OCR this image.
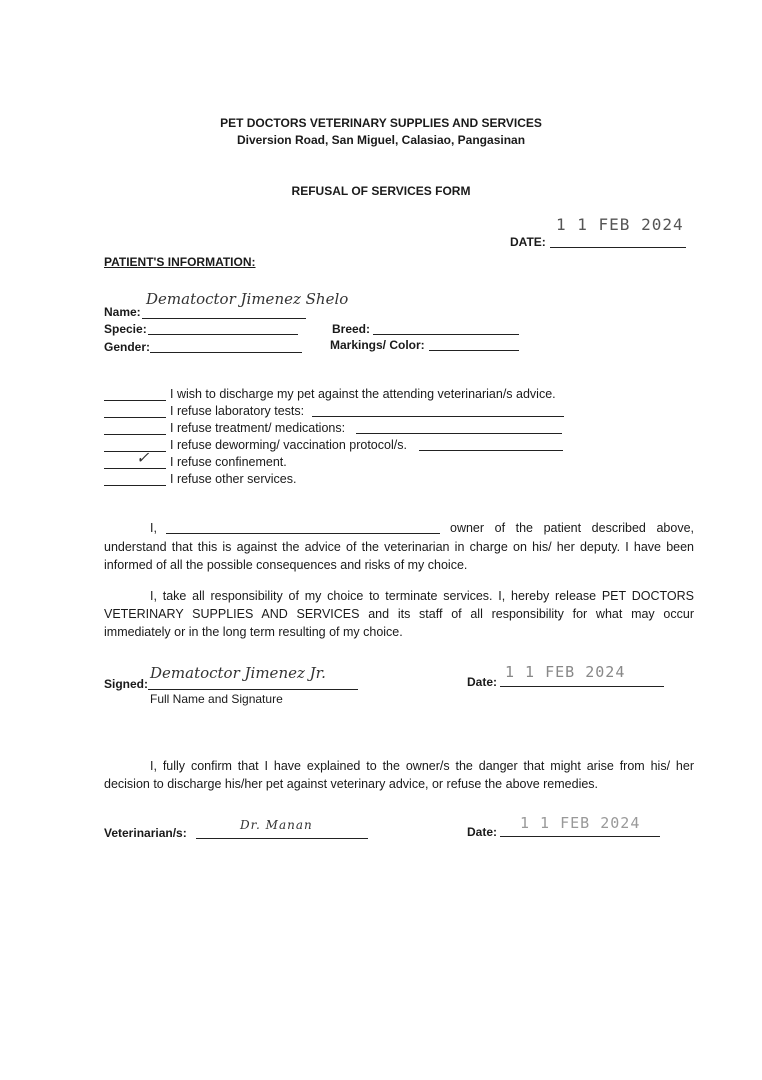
PET DOCTORS VETERINARY SUPPLIES AND SERVICES
Diversion Road, San Miguel, Calasiao, Pangasinan
REFUSAL OF SERVICES FORM
1 1 FEB 2024
DATE:
PATIENT'S INFORMATION:
Name:
Dematoctor Jimenez Shelo
Specie:	Breed:
Gender:	Markings/ Color:
I wish to discharge my pet against the attending veterinarian/s advice.
I refuse laboratory tests:
I refuse treatment/ medications:
I refuse deworming/ vaccination protocol/s.
✓ I refuse confinement.
I refuse other services.
I,	owner of the patient described above,

understand that this is against the advice of the veterinarian in charge on his/ her deputy. I have been informed of all the possible consequences and risks of my choice.

I, take all responsibility of my choice to terminate services. I, hereby release PET DOCTORS VETERINARY SUPPLIES AND SERVICES and its staff of all responsibility for what may occur immediately or in the long term resulting of my choice.

Signed:
Dematoctor Jimenez Jr.
Full Name and Signature
Date:
1 1 FEB 2024

I, fully confirm that I have explained to the owner/s the danger that might arise from his/ her decision to discharge his/her pet against veterinary advice, or refuse the above remedies.

Veterinarian/s:
Dr. Manan	Date: 1 1 FEB 2024
